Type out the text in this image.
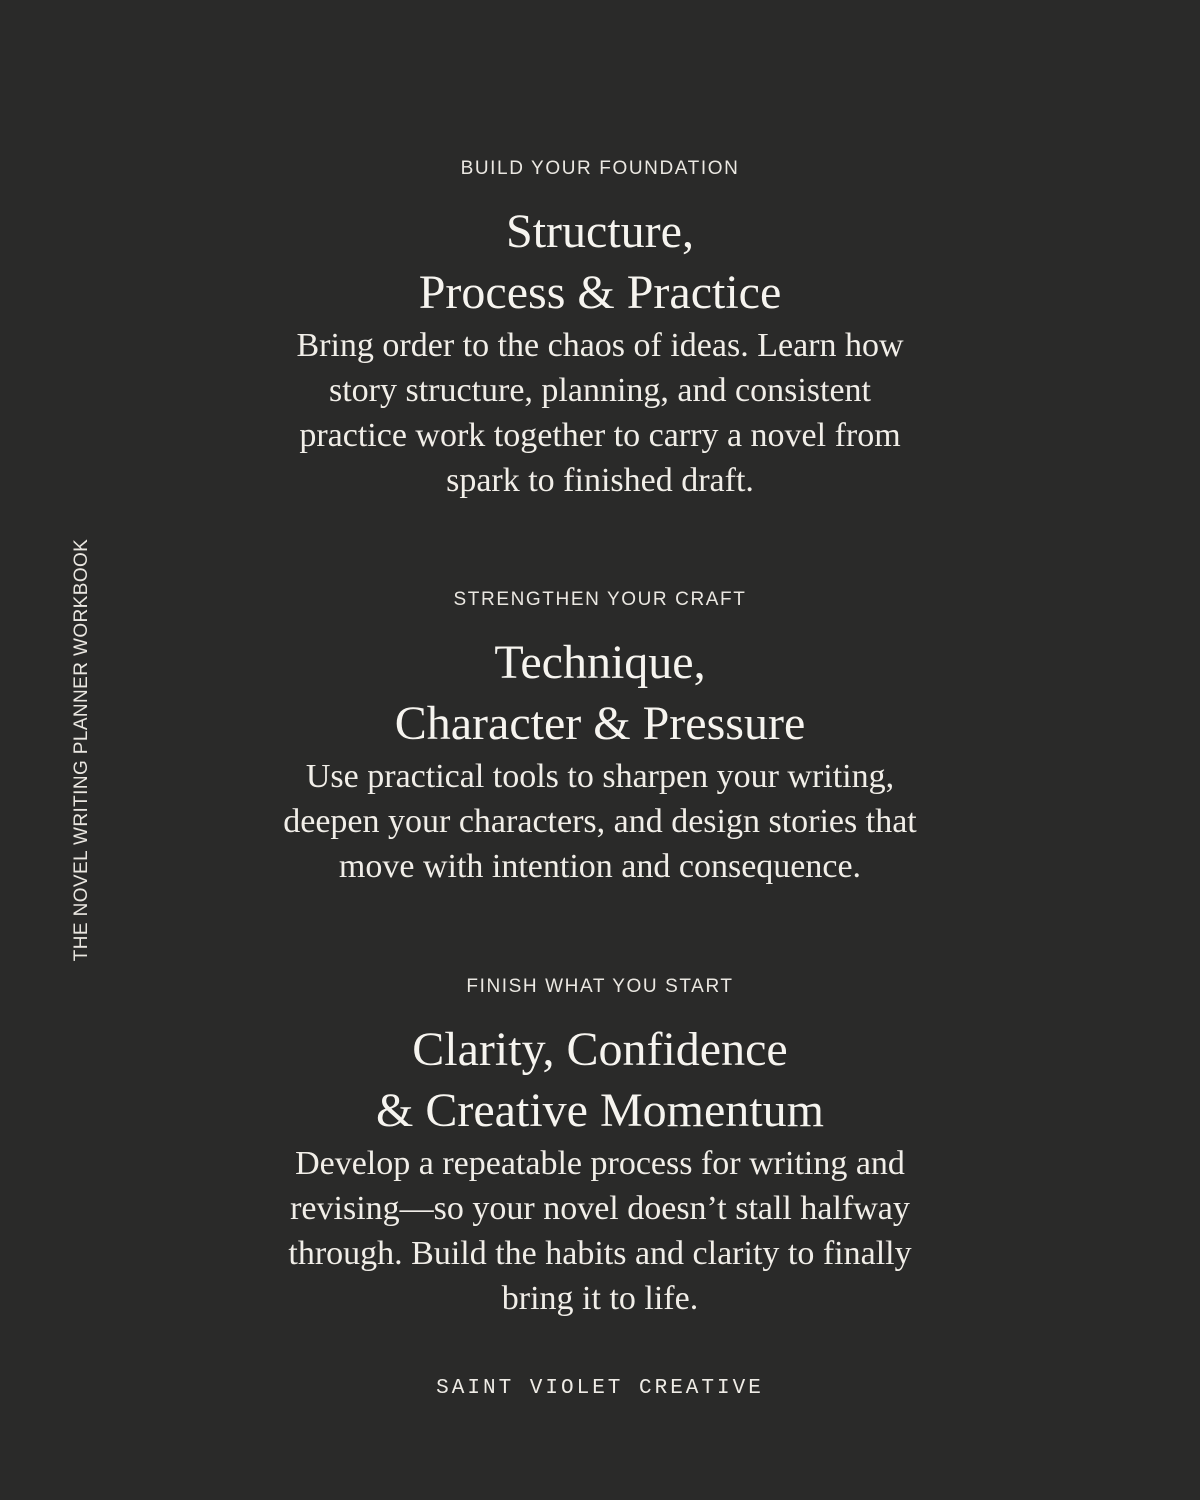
THE NOVEL WRITING PLANNER WORKBOOK

BUILD YOUR FOUNDATION

Structure,
Process & Practice

Bring order to the chaos of ideas. Learn how
story structure, planning, and consistent
practice work together to carry a novel from
spark to finished draft.

STRENGTHEN YOUR CRAFT

Technique,
Character & Pressure

Use practical tools to sharpen your writing,
deepen your characters, and design stories that
move with intention and consequence.

FINISH WHAT YOU START

Clarity, Confidence
& Creative Momentum

Develop a repeatable process for writing and
revising—so your novel doesn’t stall halfway
through. Build the habits and clarity to finally
bring it to life.

SAINT VIOLET CREATIVE
